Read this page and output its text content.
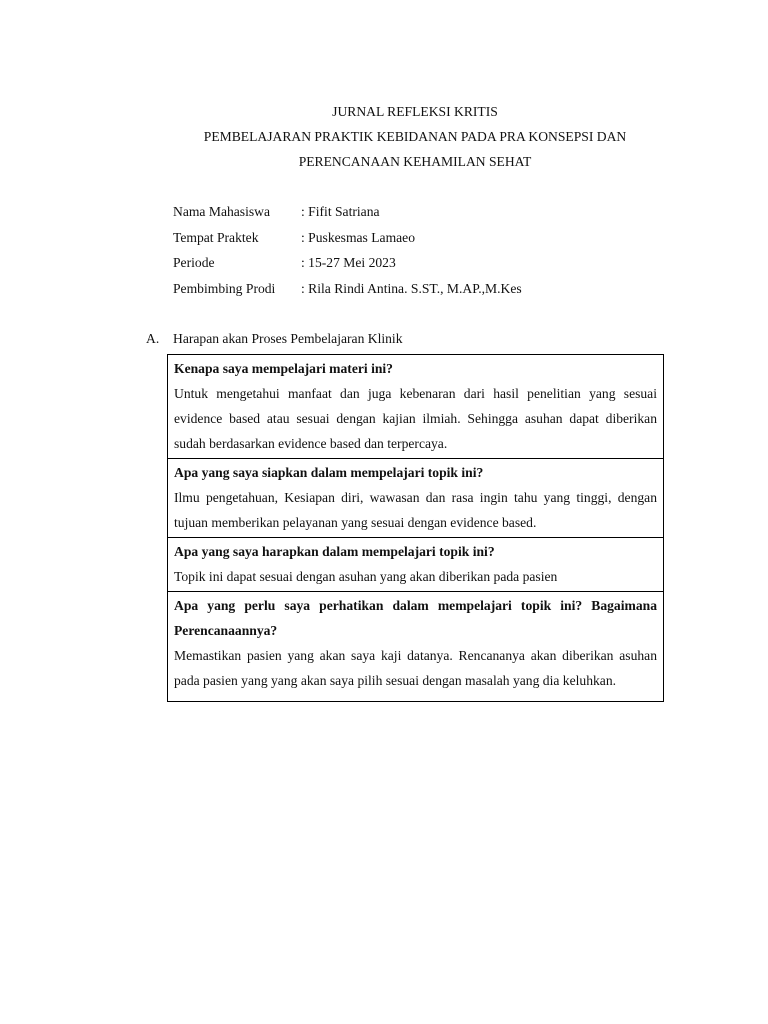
JURNAL REFLEKSI KRITIS
PEMBELAJARAN PRAKTIK KEBIDANAN PADA PRA KONSEPSI DAN
PERENCANAAN KEHAMILAN SEHAT
Nama Mahasiswa : Fifit Satriana
Tempat Praktek	: Puskesmas Lamaeo
Periode	: 15-27 Mei 2023
Pembimbing Prodi : Rila Rindi Antina. S.ST., M.AP.,M.Kes
A. Harapan akan Proses Pembelajaran Klinik
Kenapa saya mempelajari materi ini?
Untuk mengetahui manfaat dan juga kebenaran dari hasil penelitian yang sesuai evidence based atau sesuai dengan kajian ilmiah. Sehingga asuhan dapat diberikan sudah berdasarkan evidence based dan terpercaya.
Apa yang saya siapkan dalam mempelajari topik ini?
Ilmu pengetahuan, Kesiapan diri, wawasan dan rasa ingin tahu yang tinggi, dengan tujuan memberikan pelayanan yang sesuai dengan evidence based.
Apa yang saya harapkan dalam mempelajari topik ini?
Topik ini dapat sesuai dengan asuhan yang akan diberikan pada pasien
Apa yang perlu saya perhatikan dalam mempelajari topik ini? Bagaimana Perencanaannya?
Memastikan pasien yang akan saya kaji datanya. Rencananya akan diberikan asuhan pada pasien yang yang akan saya pilih sesuai dengan masalah yang dia keluhkan.
